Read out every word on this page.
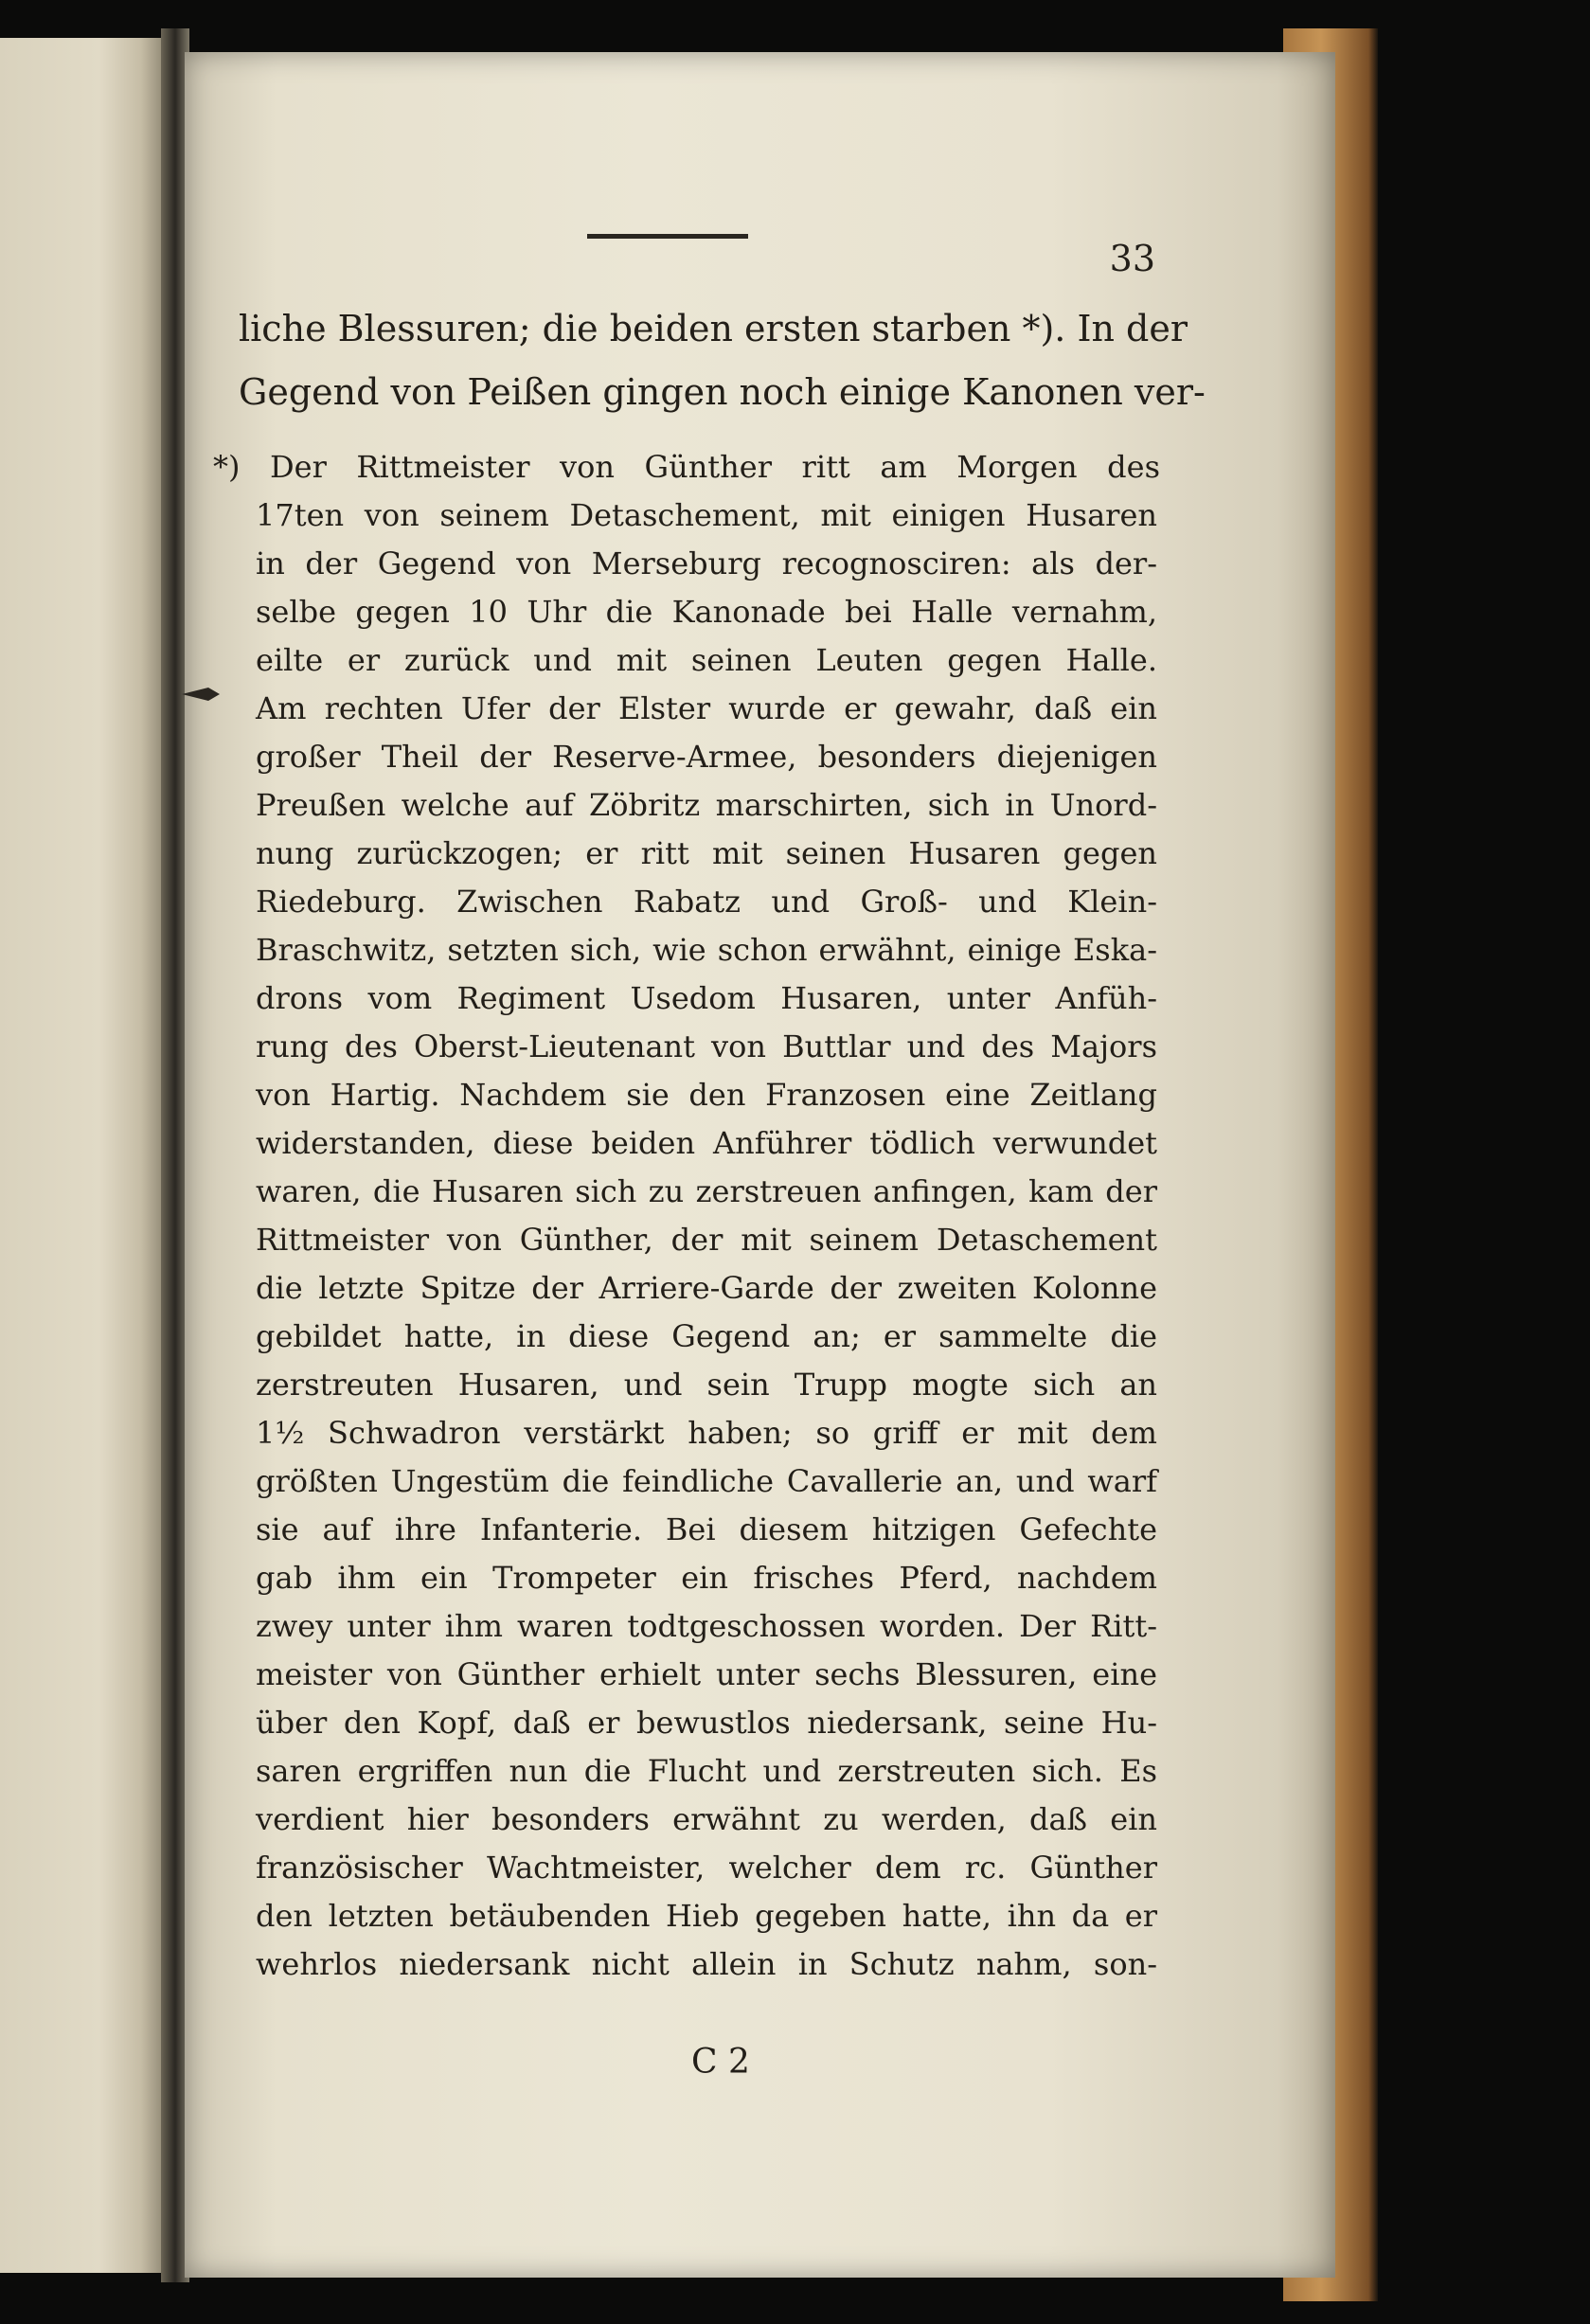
33
liche Blessuren; die beiden ersten starben *). In der
Gegend von Peißen gingen noch einige Kanonen ver-
*) Der Rittmeister von Günther ritt am Morgen des
17ten von seinem Detaschement, mit einigen Husaren
in der Gegend von Merseburg recognosciren: als der-
selbe gegen 10 Uhr die Kanonade bei Halle vernahm,
eilte er zurück und mit seinen Leuten gegen Halle.
Am rechten Ufer der Elster wurde er gewahr, daß ein
großer Theil der Reserve-Armee, besonders diejenigen
Preußen welche auf Zöbritz marschirten, sich in Unord-
nung zurückzogen; er ritt mit seinen Husaren gegen
Riedeburg. Zwischen Rabatz und Groß- und Klein-
Braschwitz, setzten sich, wie schon erwähnt, einige Eska-
drons vom Regiment Usedom Husaren, unter Anfüh-
rung des Oberst-Lieutenant von Buttlar und des Majors
von Hartig. Nachdem sie den Franzosen eine Zeitlang
widerstanden, diese beiden Anführer tödlich verwundet
waren, die Husaren sich zu zerstreuen anfingen, kam der
Rittmeister von Günther, der mit seinem Detaschement
die letzte Spitze der Arriere-Garde der zweiten Kolonne
gebildet hatte, in diese Gegend an; er sammelte die
zerstreuten Husaren, und sein Trupp mogte sich an
1½ Schwadron verstärkt haben; so griff er mit dem
größten Ungestüm die feindliche Cavallerie an, und warf
sie auf ihre Infanterie. Bei diesem hitzigen Gefechte
gab ihm ein Trompeter ein frisches Pferd, nachdem
zwey unter ihm waren todtgeschossen worden. Der Ritt-
meister von Günther erhielt unter sechs Blessuren, eine
über den Kopf, daß er bewustlos niedersank, seine Hu-
saren ergriffen nun die Flucht und zerstreuten sich. Es
verdient hier besonders erwähnt zu werden, daß ein
französischer Wachtmeister, welcher dem rc. Günther
den letzten betäubenden Hieb gegeben hatte, ihn da er
wehrlos niedersank nicht allein in Schutz nahm, son-
C 2
